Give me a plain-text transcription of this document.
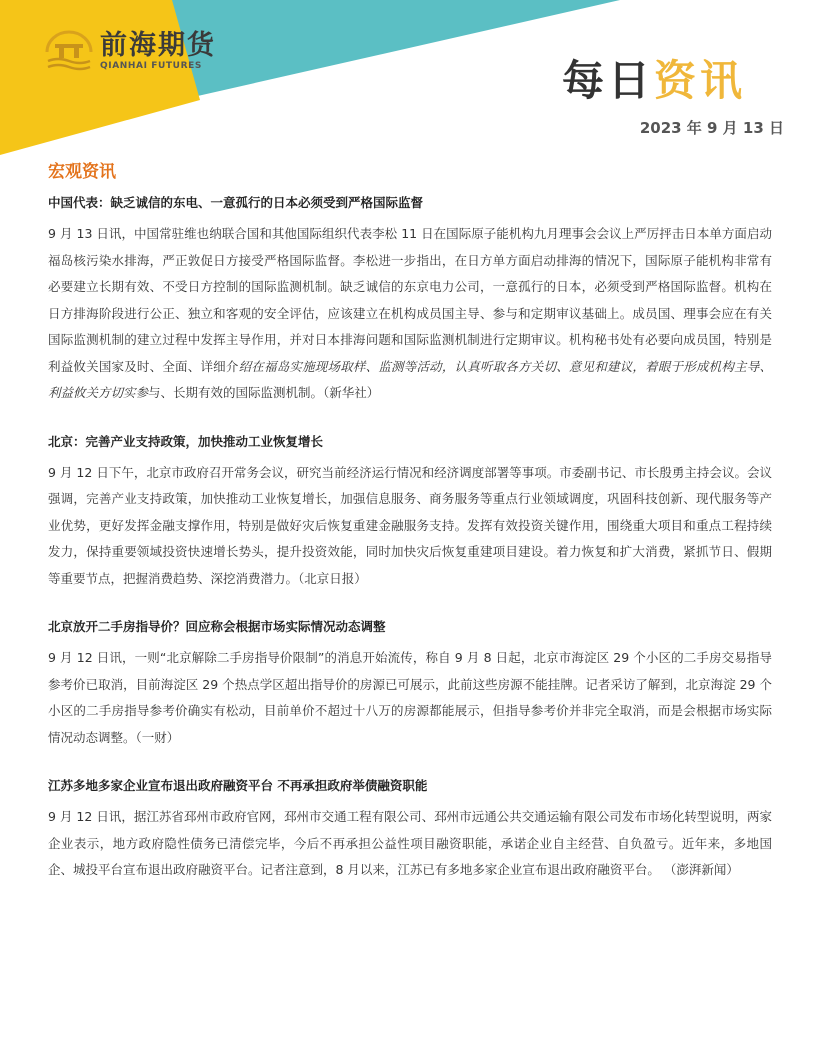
前海期货
QIANHAI FUTURES	每日资讯
2023 年 9 月 13 日
宏观资讯
中国代表：缺乏诚信的东电、一意孤行的日本必须受到严格国际监督

9 月 13 日讯，中国常驻维也纳联合国和其他国际组织代表李松 11 日在国际原子能机构九月理事会会议上严厉抨击日本单方面启动福岛核污染水排海，严正敦促日方接受严格国际监督。李松进一步指出，在日方单方面启动排海的情况下，国际原子能机构非常有必要建立长期有效、不受日方控制的国际监测机制。缺乏诚信的东京电力公司，一意孤行的日本，必须受到严格国际监督。机构在日方排海阶段进行公正、独立和客观的安全评估，应该建立在机构成员国主导、参与和定期审议基础上。成员国、理事会应在有关国际监测机制的建立过程中发挥主导作用，并对日本排海问题和国际监测机制进行定期审议。机构秘书处有必要向成员国，特别是利益攸关国家及时、全面、详细介绍在福岛实施现场取样、监测等活动，认真听取各方关切、意见和建议，着眼于形成机构主导、利益攸关方切实参与、长期有效的国际监测机制。（新华社）

北京：完善产业支持政策，加快推动工业恢复增长

9 月 12 日下午，北京市政府召开常务会议，研究当前经济运行情况和经济调度部署等事项。市委副书记、市长殷勇主持会议。会议强调，完善产业支持政策，加快推动工业恢复增长，加强信息服务、商务服务等重点行业领域调度，巩固科技创新、现代服务等产业优势，更好发挥金融支撑作用，特别是做好灾后恢复重建金融服务支持。发挥有效投资关键作用，围绕重大项目和重点工程持续发力，保持重要领域投资快速增长势头，提升投资效能，同时加快灾后恢复重建项目建设。着力恢复和扩大消费，紧抓节日、假期等重要节点，把握消费趋势、深挖消费潜力。（北京日报）

北京放开二手房指导价？回应称会根据市场实际情况动态调整

9 月 12 日讯，一则“北京解除二手房指导价限制”的消息开始流传，称自 9 月 8 日起，北京市海淀区 29 个小区的二手房交易指导参考价已取消，目前海淀区 29 个热点学区超出指导价的房源已可展示，此前这些房源不能挂牌。记者采访了解到，北京海淀 29 个小区的二手房指导参考价确实有松动，目前单价不超过十八万的房源都能展示，但指导参考价并非完全取消，而是会根据市场实际情况动态调整。（一财）

江苏多地多家企业宣布退出政府融资平台 不再承担政府举债融资职能

9 月 12 日讯，据江苏省邳州市政府官网，邳州市交通工程有限公司、邳州市远通公共交通运输有限公司发布市场化转型说明，两家企业表示，地方政府隐性债务已清偿完毕，今后不再承担公益性项目融资职能，承诺企业自主经营、自负盈亏。近年来，多地国企、城投平台宣布退出政府融资平台。记者注意到，8 月以来，江苏已有多地多家企业宣布退出政府融资平台。 （澎湃新闻）
